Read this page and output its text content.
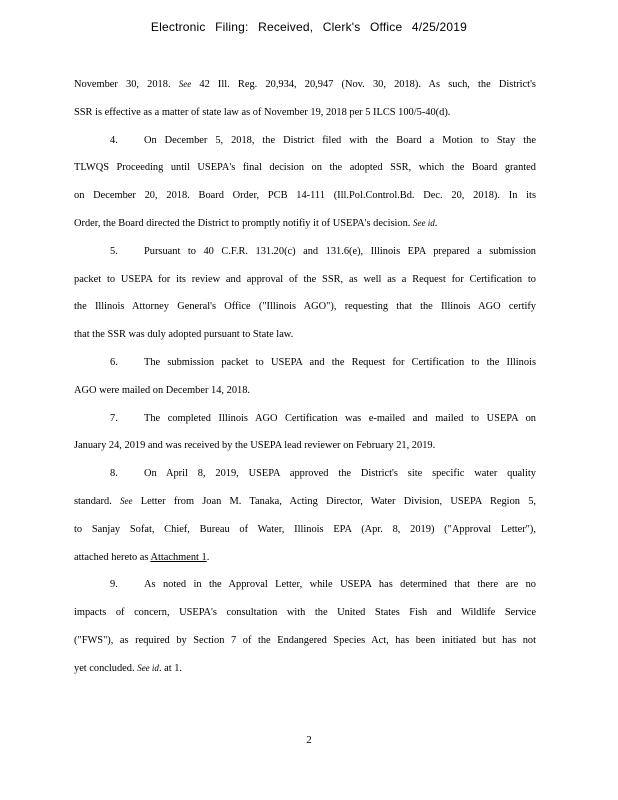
Electronic Filing: Received, Clerk's Office 4/25/2019
November 30, 2018. See 42 Ill. Reg. 20,934, 20,947 (Nov. 30, 2018). As such, the District's
SSR is effective as a matter of state law as of November 19, 2018 per 5 ILCS 100/5-40(d).
4.	On December 5, 2018, the District filed with the Board a Motion to Stay the
TLWQS Proceeding until USEPA's final decision on the adopted SSR, which the Board granted
on December 20, 2018. Board Order, PCB 14-111 (Ill.Pol.Control.Bd. Dec. 20, 2018). In its
Order, the Board directed the District to promptly notifiy it of USEPA's decision. See id.
5.	Pursuant to 40 C.F.R. 131.20(c) and 131.6(e), Illinois EPA prepared a submission
packet to USEPA for its review and approval of the SSR, as well as a Request for Certification to
the Illinois Attorney General's Office ("Illinois AGO"), requesting that the Illinois AGO certify
that the SSR was duly adopted pursuant to State law.
6.	The submission packet to USEPA and the Request for Certification to the Illinois
AGO were mailed on December 14, 2018.
7.	The completed Illinois AGO Certification was e-mailed and mailed to USEPA on
January 24, 2019 and was received by the USEPA lead reviewer on February 21, 2019.
8.	On April 8, 2019, USEPA approved the District's site specific water quality
standard. See Letter from Joan M. Tanaka, Acting Director, Water Division, USEPA Region 5,
to Sanjay Sofat, Chief, Bureau of Water, Illinois EPA (Apr. 8, 2019) ("Approval Letter"),
attached hereto as Attachment 1.
9.	As noted in the Approval Letter, while USEPA has determined that there are no
impacts of concern, USEPA's consultation with the United States Fish and Wildlife Service
("FWS"), as required by Section 7 of the Endangered Species Act, has been initiated but has not
yet concluded. See id. at 1.
2
